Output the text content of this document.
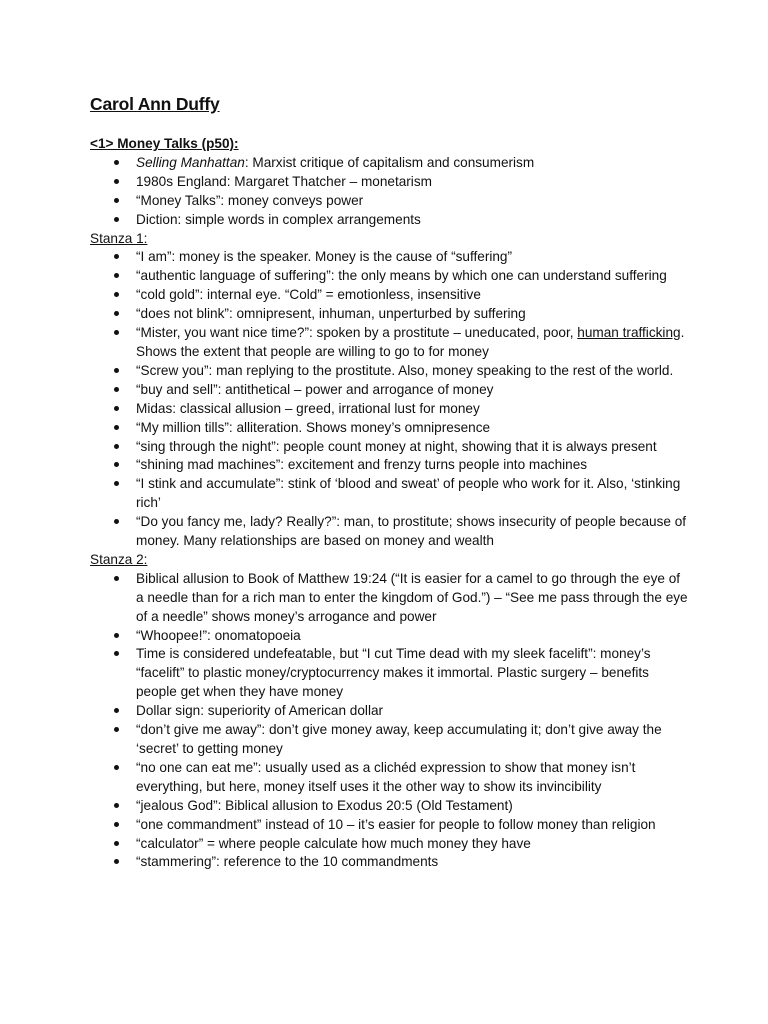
Carol Ann Duffy
<1> Money Talks (p50):
Selling Manhattan: Marxist critique of capitalism and consumerism
1980s England: Margaret Thatcher – monetarism
“Money Talks”: money conveys power
Diction: simple words in complex arrangements
Stanza 1:
“I am”: money is the speaker. Money is the cause of “suffering”
“authentic language of suffering”: the only means by which one can understand suffering
“cold gold”: internal eye. “Cold” = emotionless, insensitive
“does not blink”: omnipresent, inhuman, unperturbed by suffering
“Mister, you want nice time?”: spoken by a prostitute – uneducated, poor, human trafficking. Shows the extent that people are willing to go to for money
“Screw you”: man replying to the prostitute. Also, money speaking to the rest of the world.
“buy and sell”: antithetical – power and arrogance of money
Midas: classical allusion – greed, irrational lust for money
“My million tills”: alliteration. Shows money’s omnipresence
“sing through the night”: people count money at night, showing that it is always present
“shining mad machines”: excitement and frenzy turns people into machines
“I stink and accumulate”: stink of ‘blood and sweat’ of people who work for it. Also, ‘stinking rich’
“Do you fancy me, lady? Really?”: man, to prostitute; shows insecurity of people because of money. Many relationships are based on money and wealth
Stanza 2:
Biblical allusion to Book of Matthew 19:24 (“It is easier for a camel to go through the eye of a needle than for a rich man to enter the kingdom of God.”) – “See me pass through the eye of a needle” shows money’s arrogance and power
“Whoopee!”: onomatopoeia
Time is considered undefeatable, but “I cut Time dead with my sleek facelift”: money’s “facelift” to plastic money/cryptocurrency makes it immortal. Plastic surgery – benefits people get when they have money
Dollar sign: superiority of American dollar
“don’t give me away”: don’t give money away, keep accumulating it; don’t give away the ‘secret’ to getting money
“no one can eat me”: usually used as a clichéd expression to show that money isn’t everything, but here, money itself uses it the other way to show its invincibility
“jealous God”: Biblical allusion to Exodus 20:5 (Old Testament)
“one commandment” instead of 10 – it’s easier for people to follow money than religion
“calculator” = where people calculate how much money they have
“stammering”: reference to the 10 commandments
